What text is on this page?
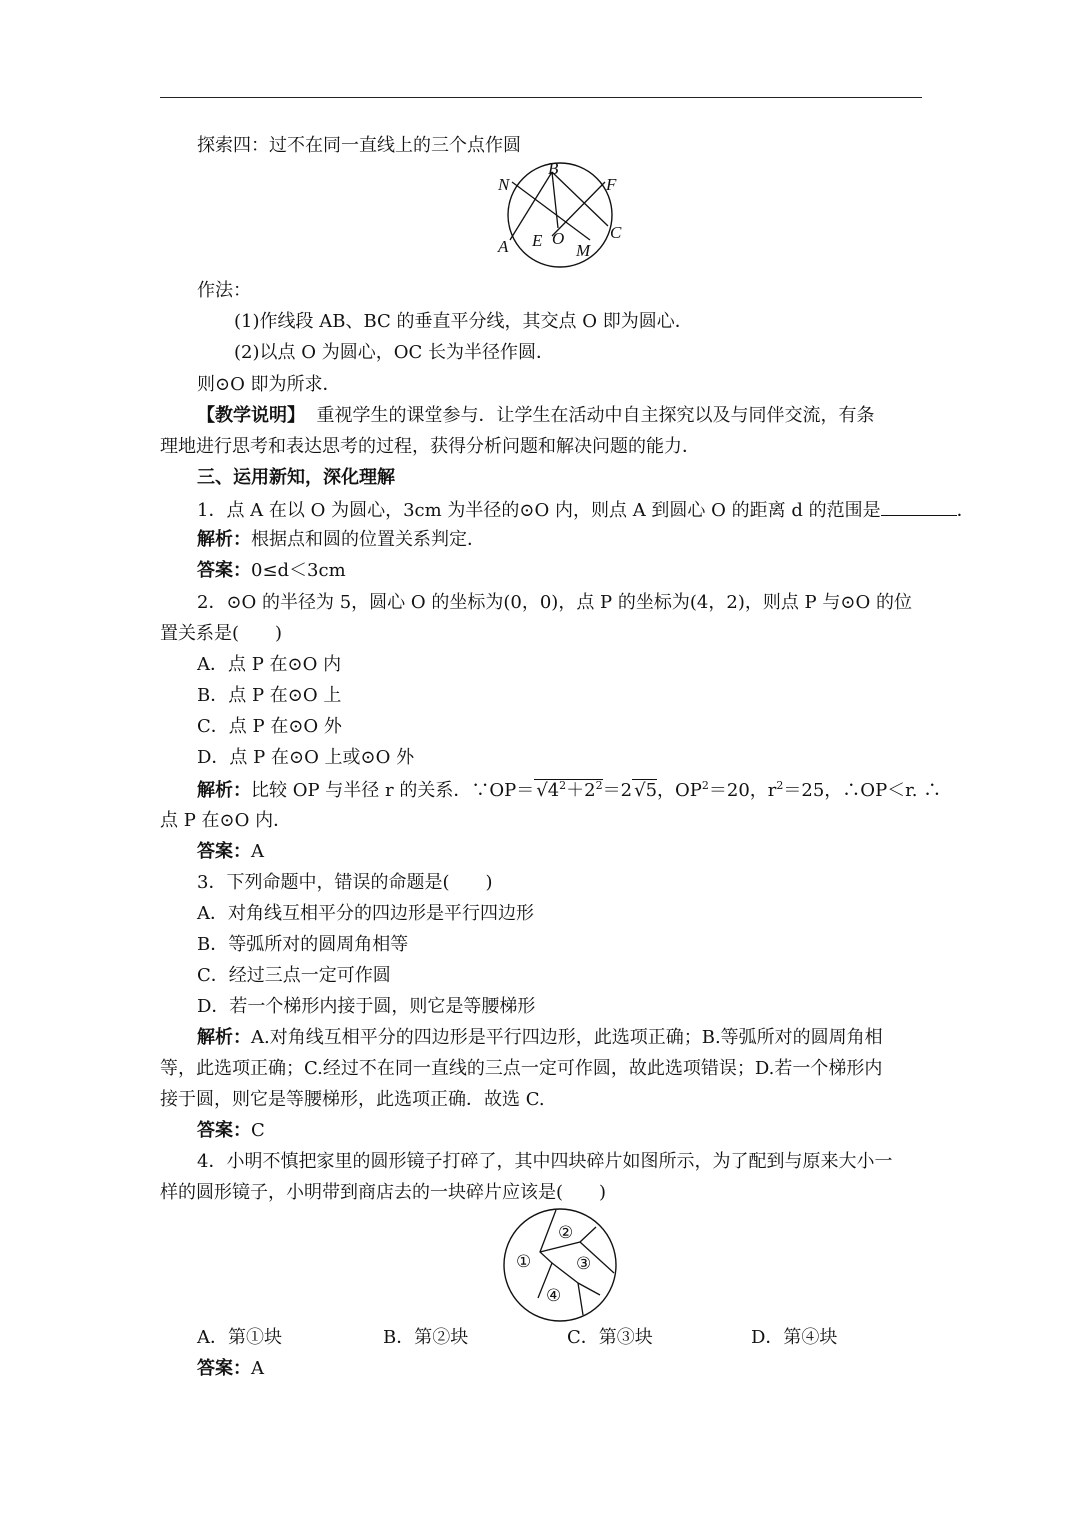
探索四：过不在同一直线上的三个点作圆
N
B
F
A E O	C
M
作法：
(1)作线段 AB、BC 的垂直平分线，其交点 O 即为圆心．
(2)以点 O 为圆心，OC 长为半径作圆．
则⊙O 即为所求．
【教学说明】 重视学生的课堂参与．让学生在活动中自主探究以及与同伴交流，有条
理地进行思考和表达思考的过程，获得分析问题和解决问题的能力．
三、运用新知，深化理解
1．点 A 在以 O 为圆心，3cm 为半径的⊙O 内，则点 A 到圆心 O 的距离 d 的范围是	．
解析：根据点和圆的位置关系判定．
答案：0≤d＜3cm
2．⊙O 的半径为 5，圆心 O 的坐标为(0，0)，点 P 的坐标为(4，2)，则点 P 与⊙O 的位
置关系是(　　)
A．点 P 在⊙O 内
B．点 P 在⊙O 上
C．点 P 在⊙O 外
D．点 P 在⊙O 上或⊙O 外
解析：比较 OP 与半径 r 的关系．∵OP＝ $√4^2+2^2=2$ √5，$OP^2=20$，$r^2=25$，∴OP＜r. ∴
点 P 在⊙O 内．
答案：A
3．下列命题中，错误的命题是(　　)
A．对角线互相平分的四边形是平行四边形
B．等弧所对的圆周角相等
C．经过三点一定可作圆
D．若一个梯形内接于圆，则它是等腰梯形
解析：A.对角线互相平分的四边形是平行四边形，此选项正确；B.等弧所对的圆周角相
等，此选项正确；C.经过不在同一直线的三点一定可作圆，故此选项错误；D.若一个梯形内
接于圆，则它是等腰梯形，此选项正确．故选 C.
答案：C
4．小明不慎把家里的圆形镜子打碎了，其中四块碎片如图所示，为了配到与原来大小一
样的圆形镜子，小明带到商店去的一块碎片应该是(　　)
①
②
③
④
A．第①块	B．第②块	C．第③块	D．第④块
答案：A
